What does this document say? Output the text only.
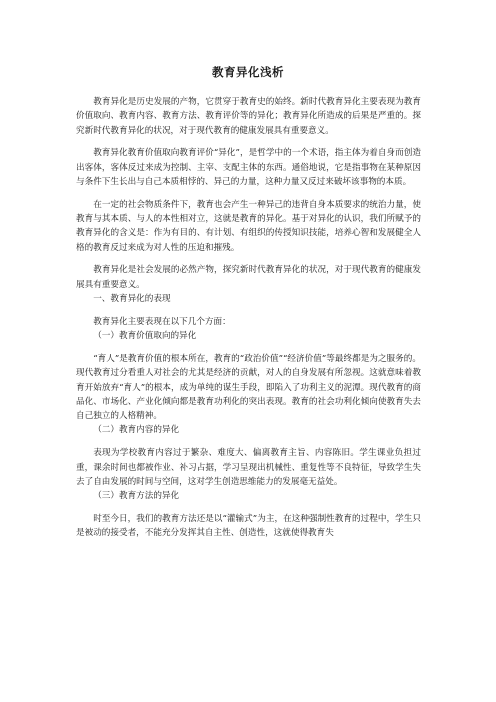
教育异化浅析

教育异化是历史发展的产物，它贯穿于教育史的始终。新时代教育异化主要表现为教育价值取向、教育内容、教育方法、教育评价等的异化；教育异化所造成的后果是严重的。探究新时代教育异化的状况，对于现代教育的健康发展具有重要意义。

教育异化教育价值取向教育评价“异化”，是哲学中的一个术语，指主体为着自身而创造出客体，客体反过来成为控制、主宰、支配主体的东西。通俗地说，它是指事物在某种原因与条件下生长出与自己本质相悖的、异己的力量，这种力量又反过来破坏该事物的本质。

在一定的社会物质条件下，教育也会产生一种异己的违背自身本质要求的统治力量，使教育与其本质、与人的本性相对立，这就是教育的异化。基于对异化的认识，我们所赋予的教育异化的含义是：作为有目的、有计划、有组织的传授知识技能，培养心智和发展健全人格的教育反过来成为对人性的压迫和摧残。

教育异化是社会发展的必然产物，探究新时代教育异化的状况，对于现代教育的健康发展具有重要意义。

一、教育异化的表现

教育异化主要表现在以下几个方面：

（一）教育价值取向的异化

“育人”是教育价值的根本所在，教育的“政治价值”“经济价值”等最终都是为之服务的。现代教育过分看重人对社会的尤其是经济的贡献，对人的自身发展有所忽视。这就意味着教育开始放弃“育人”的根本，成为单纯的谋生手段，即陷入了功利主义的泥潭。现代教育的商品化、市场化、产业化倾向都是教育功利化的突出表现。教育的社会功利化倾向使教育失去自己独立的人格精神。

（二）教育内容的异化

表现为学校教育内容过于繁杂、难度大、偏离教育主旨、内容陈旧。学生课业负担过重，课余时间也都被作业、补习占据，学习呈现出机械性、重复性等不良特征，导致学生失去了自由发展的时间与空间，这对学生创造思维能力的发展毫无益处。

（三）教育方法的异化

时至今日，我们的教育方法还是以“灌输式”为主，在这种强制性教育的过程中，学生只是被动的接受者，不能充分发挥其自主性、创造性，这就使得教育失
